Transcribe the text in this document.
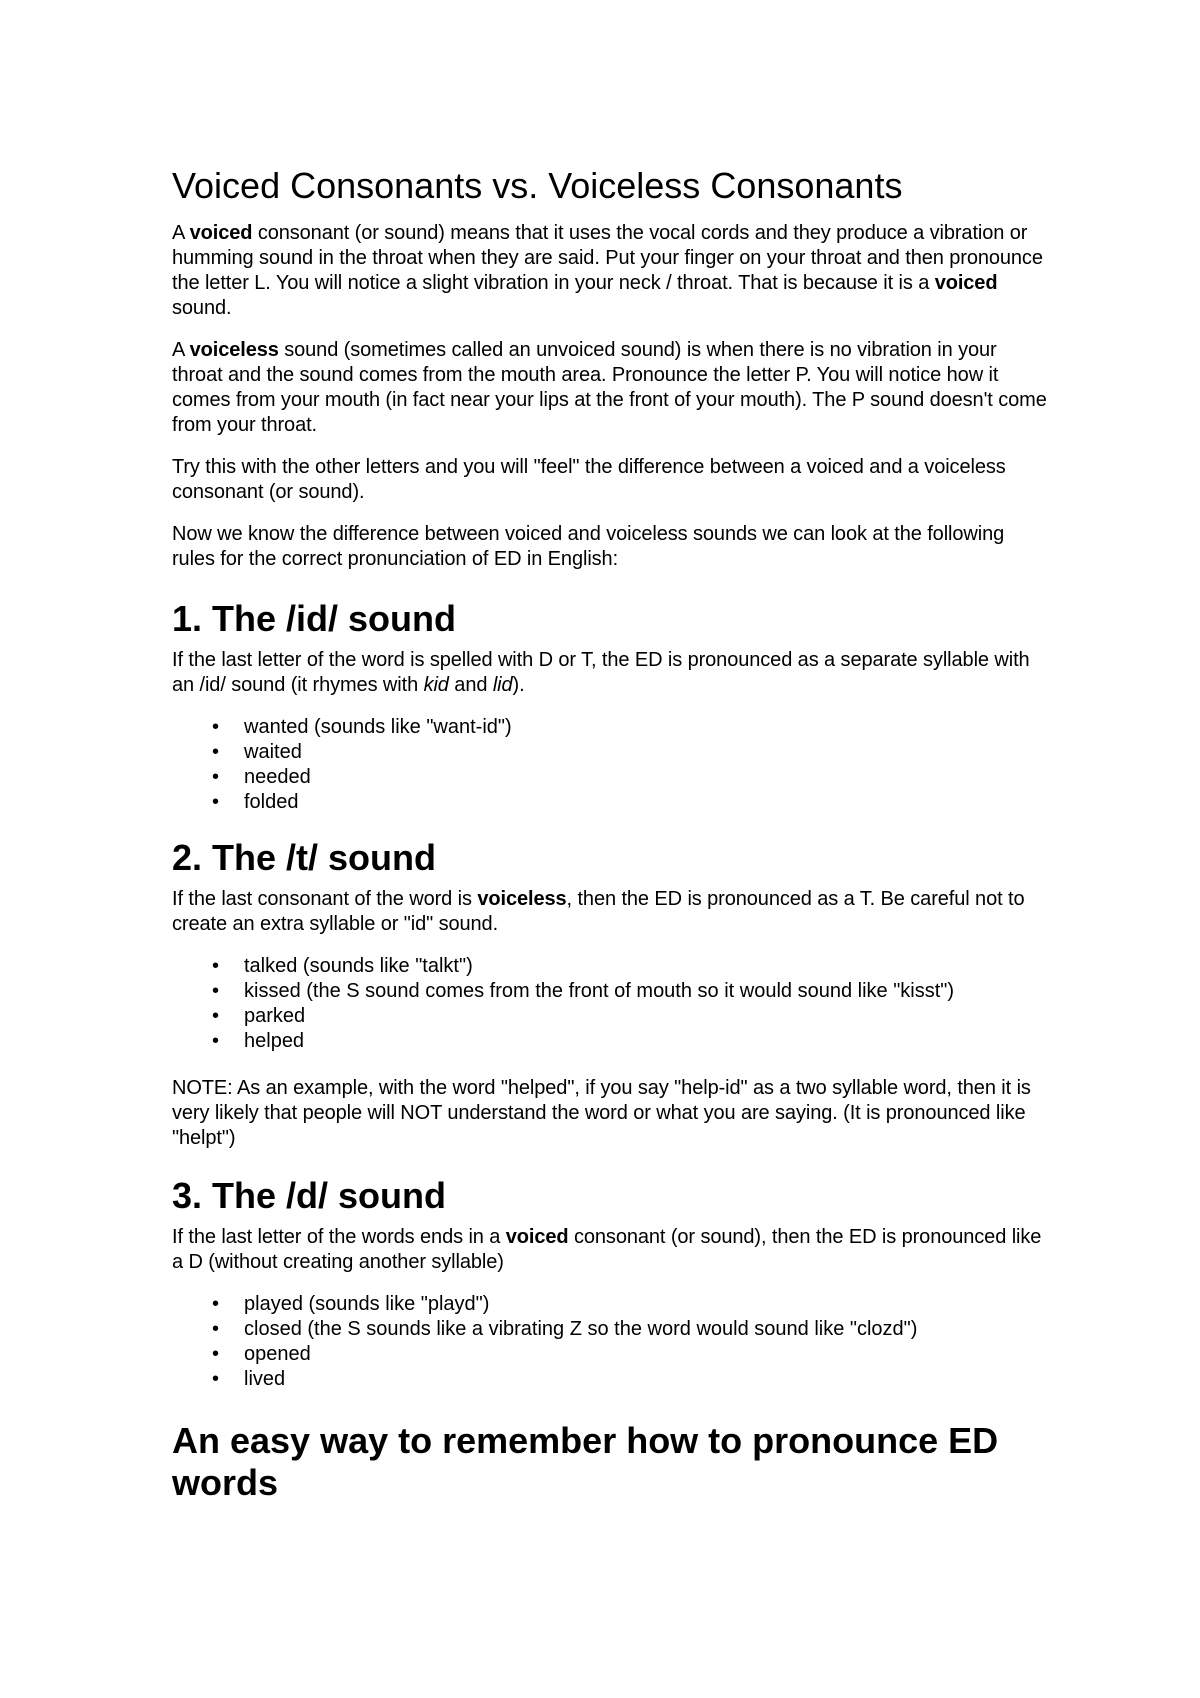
Voiced Consonants vs. Voiceless Consonants

A voiced consonant (or sound) means that it uses the vocal cords and they produce a vibration or humming sound in the throat when they are said. Put your finger on your throat and then pronounce the letter L. You will notice a slight vibration in your neck / throat. That is because it is a voiced sound.

A voiceless sound (sometimes called an unvoiced sound) is when there is no vibration in your throat and the sound comes from the mouth area. Pronounce the letter P. You will notice how it comes from your mouth (in fact near your lips at the front of your mouth). The P sound doesn't come from your throat.

Try this with the other letters and you will "feel" the difference between a voiced and a voiceless consonant (or sound).

Now we know the difference between voiced and voiceless sounds we can look at the following rules for the correct pronunciation of ED in English:

1. The /id/ sound

If the last letter of the word is spelled with D or T, the ED is pronounced as a separate syllable with an /id/ sound (it rhymes with kid and lid).

• wanted (sounds like "want-id")
• waited
• needed
• folded
2. The /t/ sound

If the last consonant of the word is voiceless, then the ED is pronounced as a T. Be careful not to create an extra syllable or "id" sound.

• talked (sounds like "talkt")
• kissed (the S sound comes from the front of mouth so it would sound like "kisst")
• parked
• helped

NOTE: As an example, with the word "helped", if you say "help-id" as a two syllable word, then it is very likely that people will NOT understand the word or what you are saying. (It is pronounced like "helpt")

3. The /d/ sound

If the last letter of the words ends in a voiced consonant (or sound), then the ED is pronounced like a D (without creating another syllable)

• played (sounds like "playd")
• closed (the S sounds like a vibrating Z so the word would sound like "clozd")
• opened
• lived
An easy way to remember how to pronounce ED words
